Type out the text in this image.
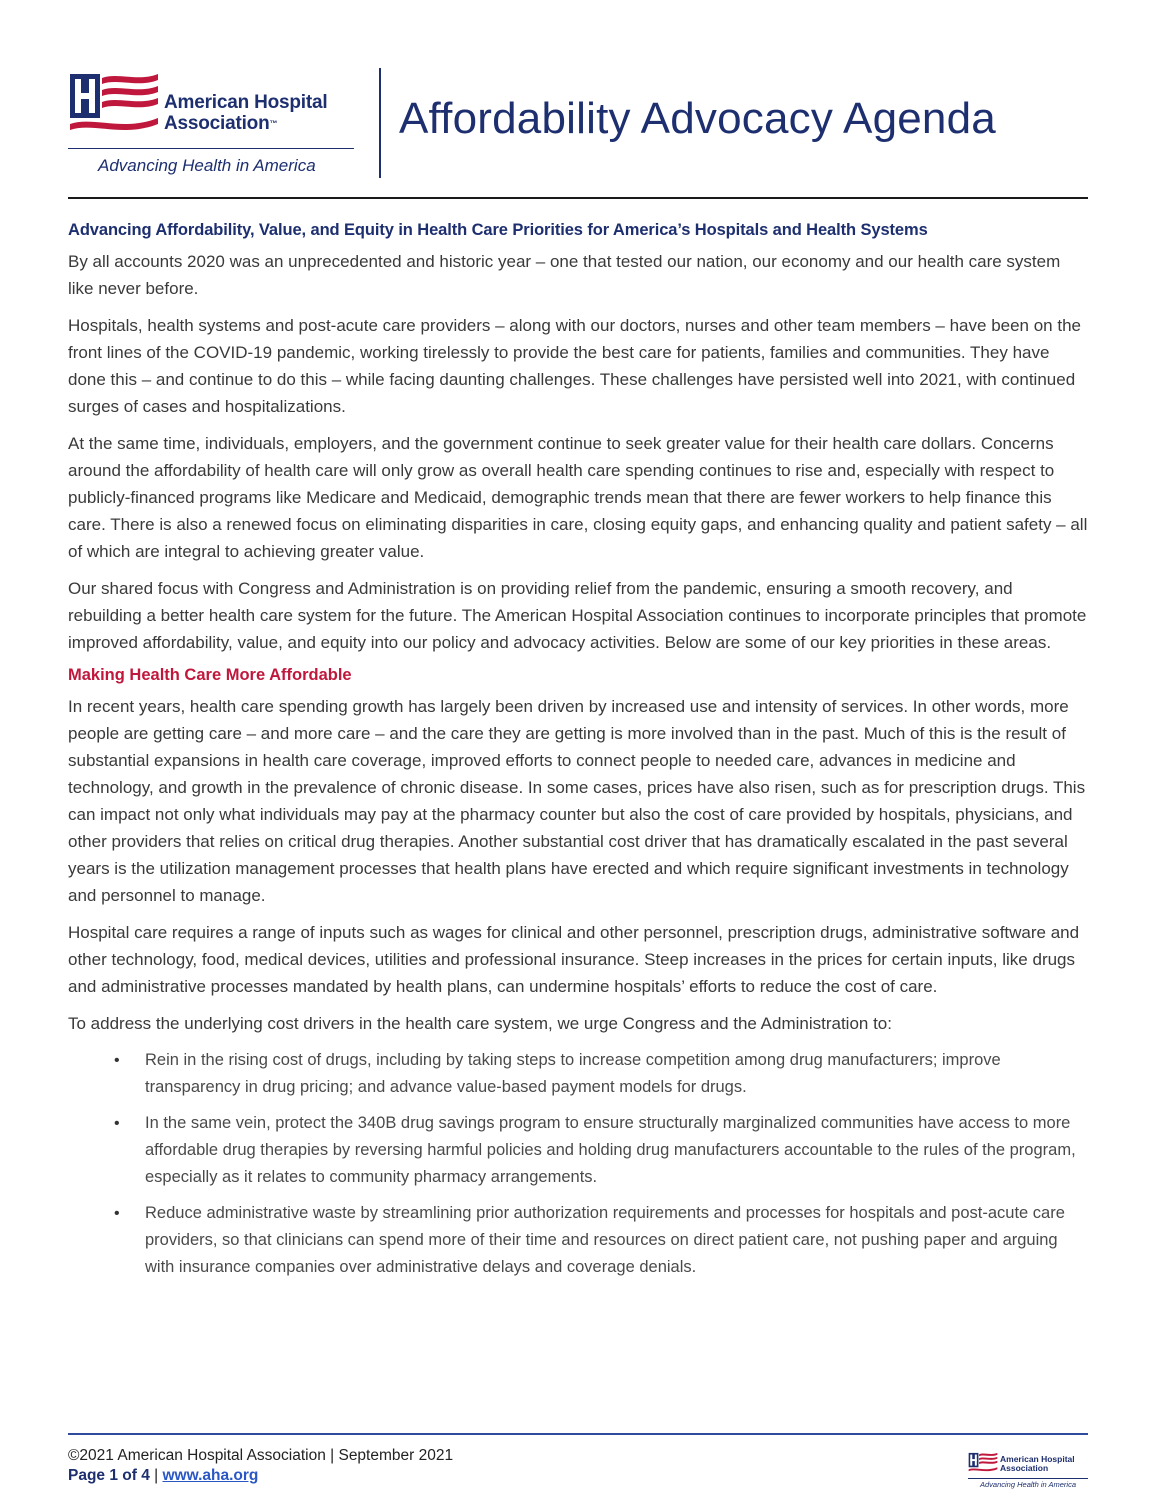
American Hospital
Association™
Advancing Health in America
Affordability Advocacy Agenda
Advancing Affordability, Value, and Equity in Health Care Priorities for America’s Hospitals and Health Systems

By all accounts 2020 was an unprecedented and historic year – one that tested our nation, our economy and our health care system like never before.

Hospitals, health systems and post-acute care providers – along with our doctors, nurses and other team members – have been on the front lines of the COVID-19 pandemic, working tirelessly to provide the best care for patients, families and communities. They have done this – and continue to do this – while facing daunting challenges. These challenges have persisted well into 2021, with continued surges of cases and hospitalizations.

At the same time, individuals, employers, and the government continue to seek greater value for their health care dollars. Concerns around the affordability of health care will only grow as overall health care spending continues to rise and, especially with respect to publicly-financed programs like Medicare and Medicaid, demographic trends mean that there are fewer workers to help finance this care. There is also a renewed focus on eliminating disparities in care, closing equity gaps, and enhancing quality and patient safety – all of which are integral to achieving greater value.

Our shared focus with Congress and Administration is on providing relief from the pandemic, ensuring a smooth recovery, and rebuilding a better health care system for the future. The American Hospital Association continues to incorporate principles that promote improved affordability, value, and equity into our policy and advocacy activities. Below are some of our key priorities in these areas.

Making Health Care More Affordable

In recent years, health care spending growth has largely been driven by increased use and intensity of services. In other words, more people are getting care – and more care – and the care they are getting is more involved than in the past. Much of this is the result of substantial expansions in health care coverage, improved efforts to connect people to needed care, advances in medicine and technology, and growth in the prevalence of chronic disease. In some cases, prices have also risen, such as for prescription drugs. This can impact not only what individuals may pay at the pharmacy counter but also the cost of care provided by hospitals, physicians, and other providers that relies on critical drug therapies. Another substantial cost driver that has dramatically escalated in the past several years is the utilization management processes that health plans have erected and which require significant investments in technology and personnel to manage.

Hospital care requires a range of inputs such as wages for clinical and other personnel, prescription drugs, administrative software and other technology, food, medical devices, utilities and professional insurance. Steep increases in the prices for certain inputs, like drugs and administrative processes mandated by health plans, can undermine hospitals’ efforts to reduce the cost of care.

To address the underlying cost drivers in the health care system, we urge Congress and the Administration to:

• Rein in the rising cost of drugs, including by taking steps to increase competition among drug manufacturers; improve transparency in drug pricing; and advance value-based payment models for drugs.
• In the same vein, protect the 340B drug savings program to ensure structurally marginalized communities have access to more affordable drug therapies by reversing harmful policies and holding drug manufacturers accountable to the rules of the program, especially as it relates to community pharmacy arrangements.
• Reduce administrative waste by streamlining prior authorization requirements and processes for hospitals and post-acute care providers, so that clinicians can spend more of their time and resources on direct patient care, not pushing paper and arguing with insurance companies over administrative delays and coverage denials.
©2021 American Hospital Association | September 2021
Page 1 of 4 | www.aha.org
American Hospital
Association
Advancing Health in America
